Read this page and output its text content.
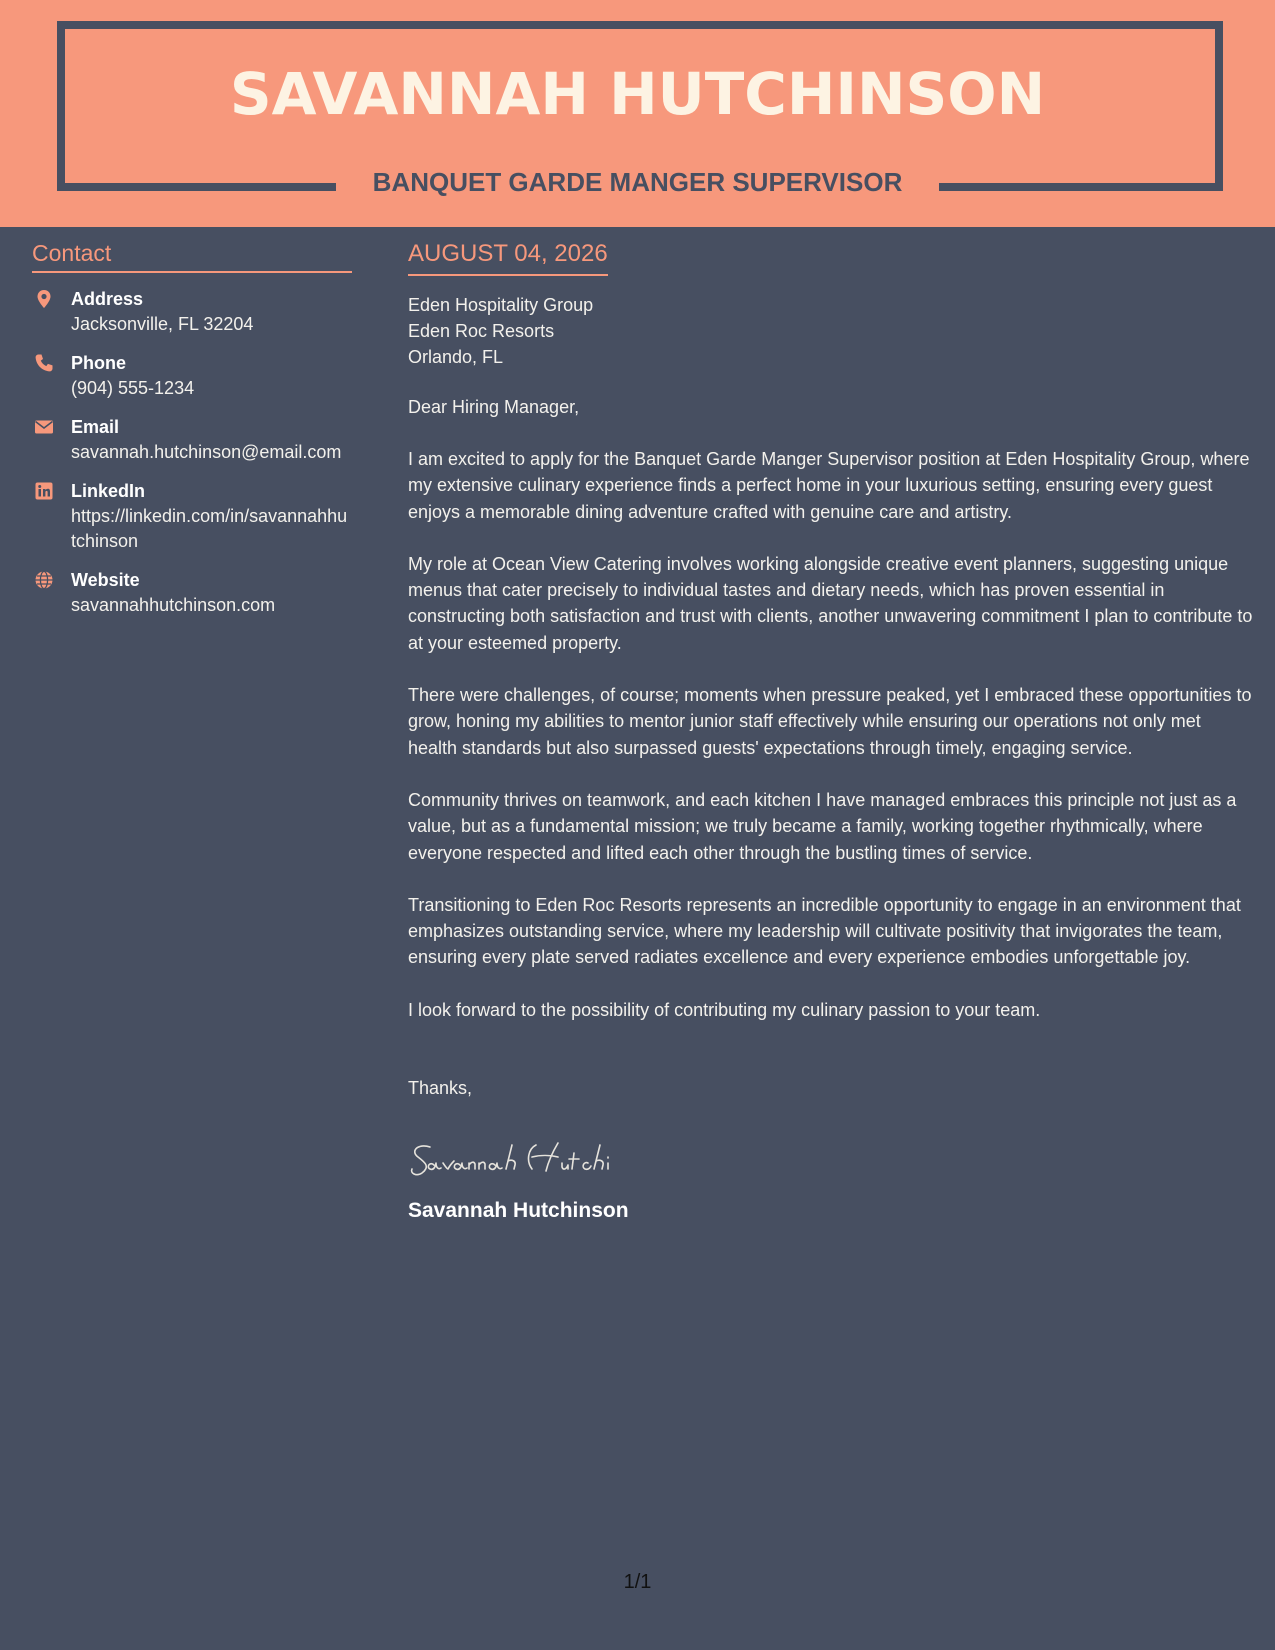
SAVANNAH HUTCHINSON
BANQUET GARDE MANGER SUPERVISOR
Contact
Address
Jacksonville, FL 32204
Phone
(904) 555-1234
Email
savannah.hutchinson@email.com
LinkedIn
https://linkedin.com/in/savannahhutchinson
Website
savannahhutchinson.com
AUGUST 04, 2026
Eden Hospitality Group
Eden Roc Resorts
Orlando, FL
Dear Hiring Manager,
I am excited to apply for the Banquet Garde Manger Supervisor position at Eden Hospitality Group, where my extensive culinary experience finds a perfect home in your luxurious setting, ensuring every guest enjoys a memorable dining adventure crafted with genuine care and artistry.
My role at Ocean View Catering involves working alongside creative event planners, suggesting unique menus that cater precisely to individual tastes and dietary needs, which has proven essential in constructing both satisfaction and trust with clients, another unwavering commitment I plan to contribute to at your esteemed property.
There were challenges, of course; moments when pressure peaked, yet I embraced these opportunities to grow, honing my abilities to mentor junior staff effectively while ensuring our operations not only met health standards but also surpassed guests' expectations through timely, engaging service.
Community thrives on teamwork, and each kitchen I have managed embraces this principle not just as a value, but as a fundamental mission; we truly became a family, working together rhythmically, where everyone respected and lifted each other through the bustling times of service.
Transitioning to Eden Roc Resorts represents an incredible opportunity to engage in an environment that emphasizes outstanding service, where my leadership will cultivate positivity that invigorates the team, ensuring every plate served radiates excellence and every experience embodies unforgettable joy.
I look forward to the possibility of contributing my culinary passion to your team.
Thanks,
Savannah Hutchinson
1/1
